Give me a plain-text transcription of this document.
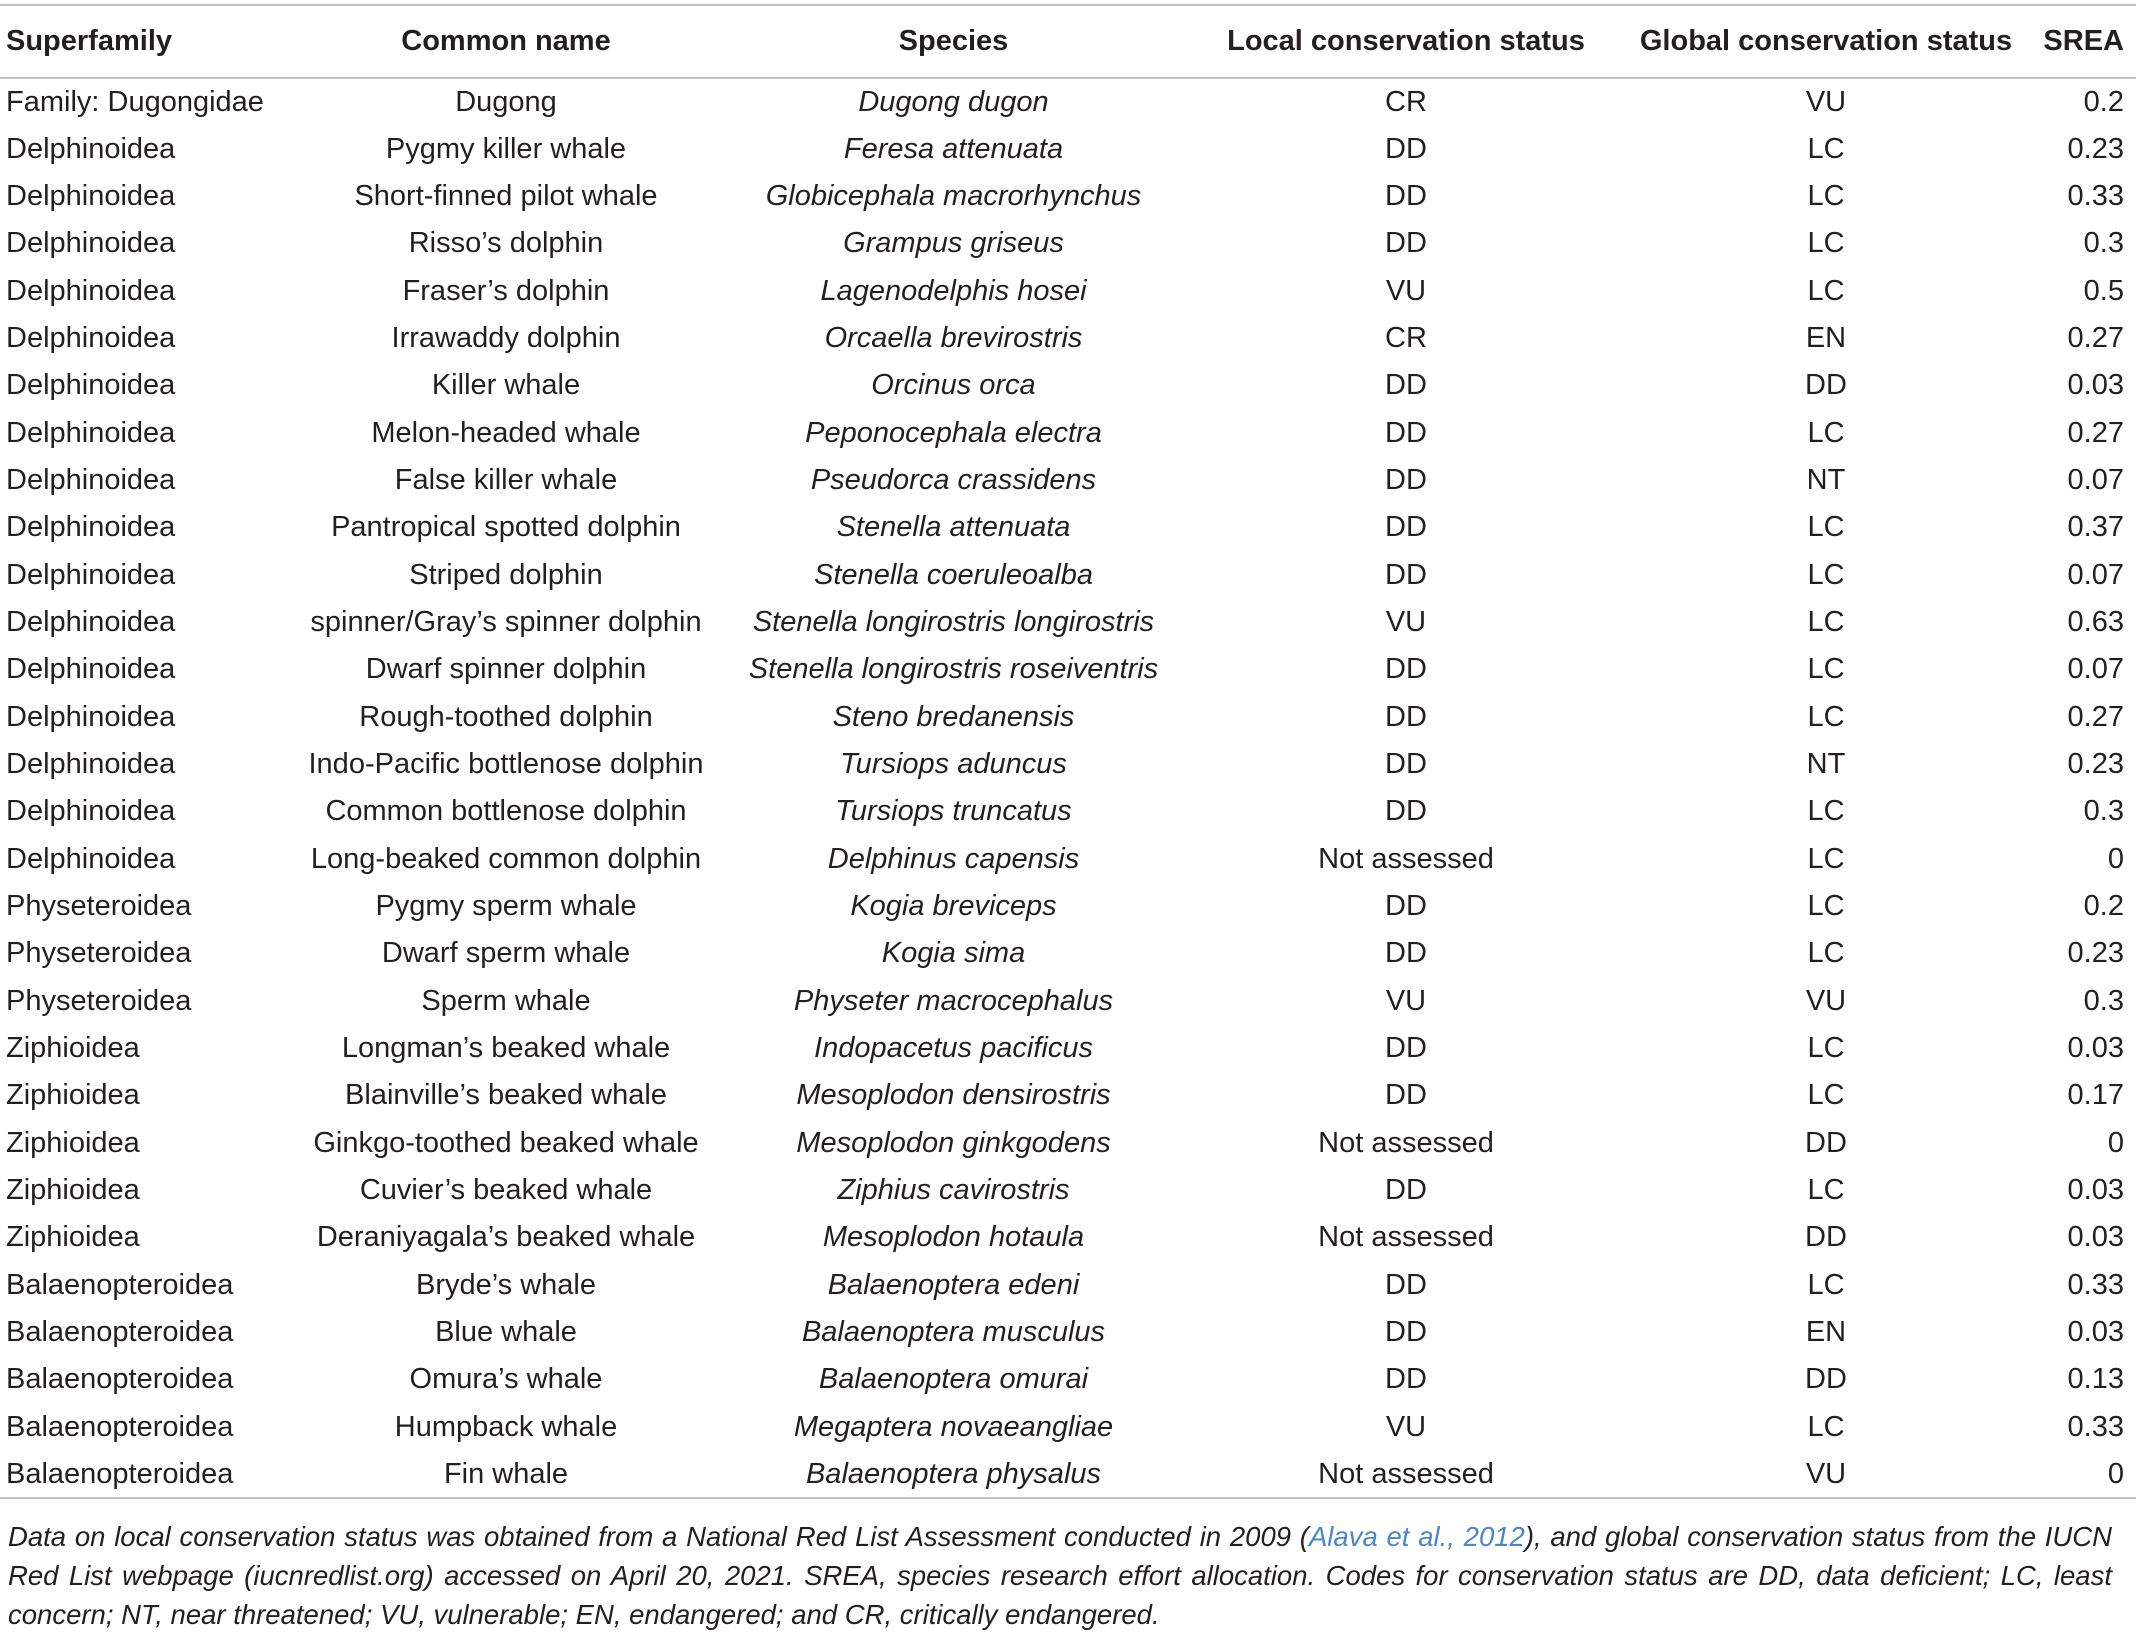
Superfamily	Common name	Species	Local conservation status	Global conservation status	SREA
Family: Dugongidae	Dugong	Dugong dugon	CR	VU	0.2
Delphinoidea	Pygmy killer whale	Feresa attenuata	DD	LC	0.23
Delphinoidea	Short-finned pilot whale	Globicephala macrorhynchus	DD	LC	0.33
Delphinoidea	Risso’s dolphin	Grampus griseus	DD	LC	0.3
Delphinoidea	Fraser’s dolphin	Lagenodelphis hosei	VU	LC	0.5
Delphinoidea	Irrawaddy dolphin	Orcaella brevirostris	CR	EN	0.27
Delphinoidea	Killer whale	Orcinus orca	DD	DD	0.03
Delphinoidea	Melon-headed whale	Peponocephala electra	DD	LC	0.27
Delphinoidea	False killer whale	Pseudorca crassidens	DD	NT	0.07
Delphinoidea	Pantropical spotted dolphin	Stenella attenuata	DD	LC	0.37
Delphinoidea	Striped dolphin	Stenella coeruleoalba	DD	LC	0.07
Delphinoidea	spinner/Gray’s spinner dolphin	Stenella longirostris longirostris	VU	LC	0.63
Delphinoidea	Dwarf spinner dolphin	Stenella longirostris roseiventris	DD	LC	0.07
Delphinoidea	Rough-toothed dolphin	Steno bredanensis	DD	LC	0.27
Delphinoidea	Indo-Pacific bottlenose dolphin	Tursiops aduncus	DD	NT	0.23
Delphinoidea	Common bottlenose dolphin	Tursiops truncatus	DD	LC	0.3
Delphinoidea	Long-beaked common dolphin	Delphinus capensis	Not assessed	LC	0
Physeteroidea	Pygmy sperm whale	Kogia breviceps	DD	LC	0.2
Physeteroidea	Dwarf sperm whale	Kogia sima	DD	LC	0.23
Physeteroidea	Sperm whale	Physeter macrocephalus	VU	VU	0.3
Ziphioidea	Longman’s beaked whale	Indopacetus pacificus	DD	LC	0.03
Ziphioidea	Blainville’s beaked whale	Mesoplodon densirostris	DD	LC	0.17
Ziphioidea	Ginkgo-toothed beaked whale	Mesoplodon ginkgodens	Not assessed	DD	0
Ziphioidea	Cuvier’s beaked whale	Ziphius cavirostris	DD	LC	0.03
Ziphioidea	Deraniyagala’s beaked whale	Mesoplodon hotaula	Not assessed	DD	0.03
Balaenopteroidea	Bryde’s whale	Balaenoptera edeni	DD	LC	0.33
Balaenopteroidea	Blue whale	Balaenoptera musculus	DD	EN	0.03
Balaenopteroidea	Omura’s whale	Balaenoptera omurai	DD	DD	0.13
Balaenopteroidea	Humpback whale	Megaptera novaeangliae	VU	LC	0.33
Balaenopteroidea	Fin whale	Balaenoptera physalus	Not assessed	VU	0
Data on local conservation status was obtained from a National Red List Assessment conducted in 2009 (Alava et al., 2012), and global conservation status from the IUCN Red List webpage (iucnredlist.org) accessed on April 20, 2021. SREA, species research effort allocation. Codes for conservation status are DD, data deficient; LC, least concern; NT, near threatened; VU, vulnerable; EN, endangered; and CR, critically endangered.
